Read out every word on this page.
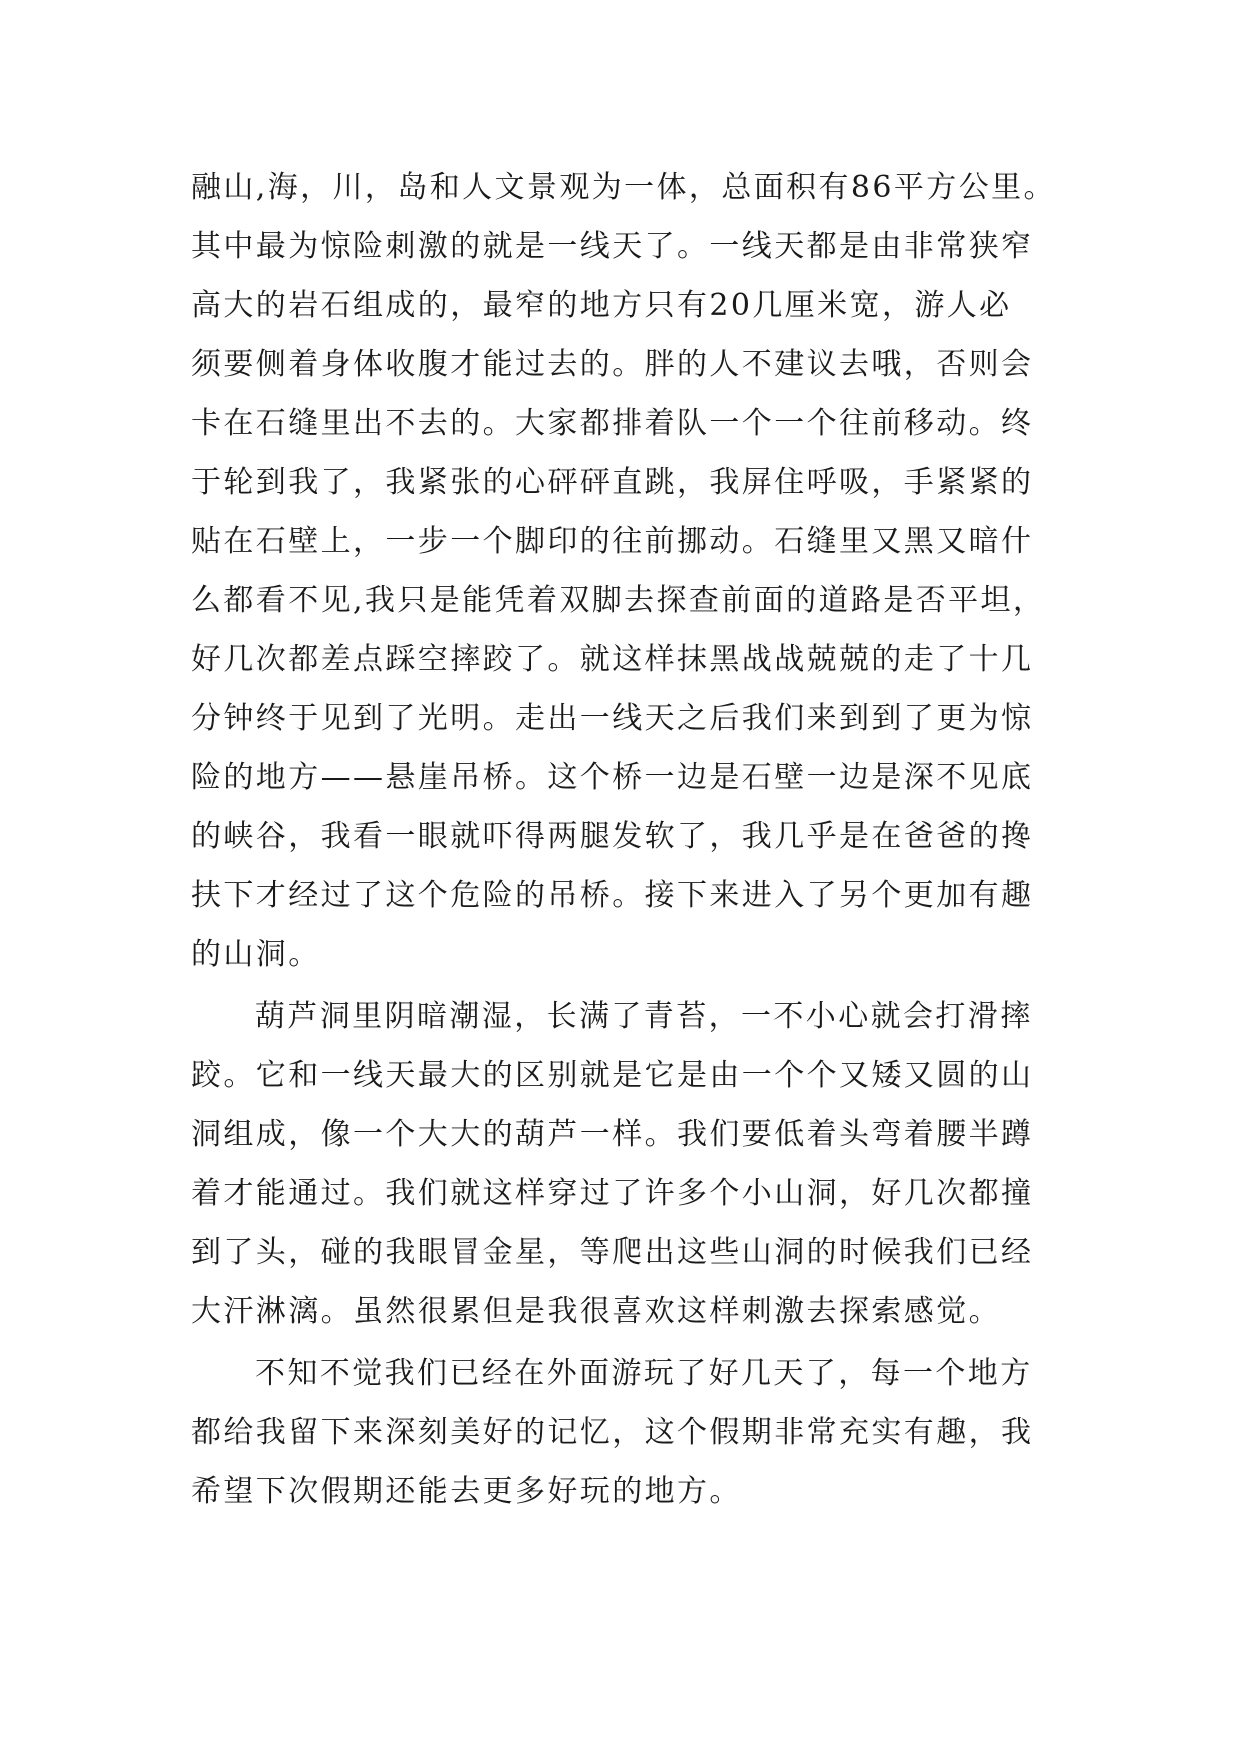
融山,海，川，岛和人文景观为一体，总面积有86平方公里。
其中最为惊险刺激的就是一线天了。一线天都是由非常狭窄
高大的岩石组成的，最窄的地方只有20几厘米宽，游人必
须要侧着身体收腹才能过去的。胖的人不建议去哦，否则会
卡在石缝里出不去的。大家都排着队一个一个往前移动。终
于轮到我了，我紧张的心砰砰直跳，我屏住呼吸，手紧紧的
贴在石壁上，一步一个脚印的往前挪动。石缝里又黑又暗什
么都看不见,我只是能凭着双脚去探查前面的道路是否平坦，
好几次都差点踩空摔跤了。就这样抹黑战战兢兢的走了十几
分钟终于见到了光明。走出一线天之后我们来到到了更为惊
险的地方——悬崖吊桥。这个桥一边是石壁一边是深不见底
的峡谷，我看一眼就吓得两腿发软了，我几乎是在爸爸的搀
扶下才经过了这个危险的吊桥。接下来进入了另个更加有趣
的山洞。
葫芦洞里阴暗潮湿，长满了青苔，一不小心就会打滑摔
跤。它和一线天最大的区别就是它是由一个个又矮又圆的山
洞组成，像一个大大的葫芦一样。我们要低着头弯着腰半蹲
着才能通过。我们就这样穿过了许多个小山洞，好几次都撞
到了头，碰的我眼冒金星，等爬出这些山洞的时候我们已经
大汗淋漓。虽然很累但是我很喜欢这样刺激去探索感觉。
不知不觉我们已经在外面游玩了好几天了，每一个地方
都给我留下来深刻美好的记忆，这个假期非常充实有趣，我
希望下次假期还能去更多好玩的地方。
